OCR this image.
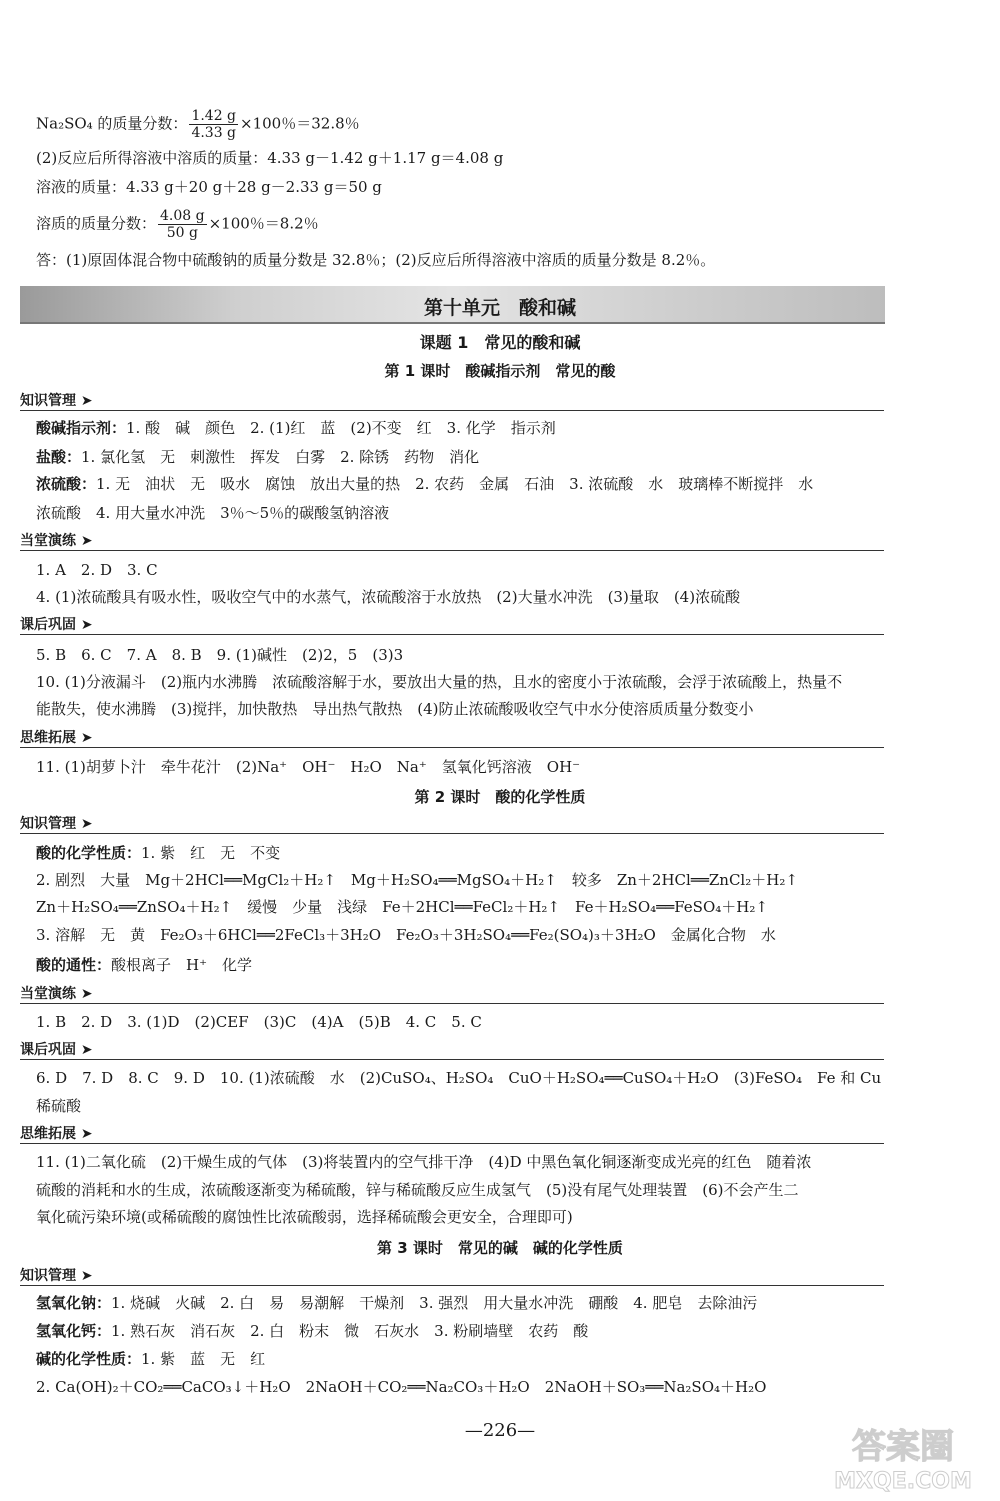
Na₂SO₄ 的质量分数： $\frac{1.42 g}{4.33 g} \times 100$％＝32.8％
(2)反应后所得溶液中溶质的质量：4.33 g－1.42 g＋1.17 g＝4.08 g
溶液的质量：4.33 g＋20 g＋28 g－2.33 g＝50 g
溶质的质量分数： $\frac{4.08 g}{50 g} \times 100$％＝8.2％
答：(1)原固体混合物中硫酸钠的质量分数是 32.8％；(2)反应后所得溶液中溶质的质量分数是 8.2％。
第十单元　酸和碱
课题 1　常见的酸和碱
第 1 课时　酸碱指示剂　常见的酸
知识管理 ➤
酸碱指示剂：1. 酸　碱　颜色　2. (1)红　蓝　(2)不变　红　3. 化学　指示剂
盐酸：1. 氯化氢　无　刺激性　挥发　白雾　2. 除锈　药物　消化
浓硫酸：1. 无　油状　无　吸水　腐蚀　放出大量的热　2. 农药　金属　石油　3. 浓硫酸　水　玻璃棒不断搅拌　水
浓硫酸　4. 用大量水冲洗　3％～5％的碳酸氢钠溶液
当堂演练 ➤
1. A　2. D　3. C
4. (1)浓硫酸具有吸水性，吸收空气中的水蒸气，浓硫酸溶于水放热　(2)大量水冲洗　(3)量取　(4)浓硫酸
课后巩固 ➤
5. B　6. C　7. A　8. B　9. (1)碱性　(2)2，5　(3)3
10. (1)分液漏斗　(2)瓶内水沸腾　浓硫酸溶解于水，要放出大量的热，且水的密度小于浓硫酸，会浮于浓硫酸上，热量不
能散失，使水沸腾　(3)搅拌，加快散热　导出热气散热　(4)防止浓硫酸吸收空气中水分使溶质质量分数变小
思维拓展 ➤
11. (1)胡萝卜汁　牵牛花汁　(2)Na⁺　OH⁻　H₂O　Na⁺　氢氧化钙溶液　OH⁻
第 2 课时　酸的化学性质
知识管理 ➤
酸的化学性质：1. 紫　红　无　不变
2. 剧烈　大量　Mg＋2HCl══MgCl₂＋H₂↑　Mg＋H₂SO₄══MgSO₄＋H₂↑　较多　Zn＋2HCl══ZnCl₂＋H₂↑
Zn＋H₂SO₄══ZnSO₄＋H₂↑　缓慢　少量　浅绿　Fe＋2HCl══FeCl₂＋H₂↑　Fe＋H₂SO₄══FeSO₄＋H₂↑
3. 溶解　无　黄　Fe₂O₃＋6HCl══2FeCl₃＋3H₂O　Fe₂O₃＋3H₂SO₄══Fe₂(SO₄)₃＋3H₂O　金属化合物　水
酸的通性：酸根离子　H⁺　化学
当堂演练 ➤
1. B　2. D　3. (1)D　(2)CEF　(3)C　(4)A　(5)B　4. C　5. C
课后巩固 ➤
6. D　7. D　8. C　9. D　10. (1)浓硫酸　水　(2)CuSO₄、H₂SO₄　CuO＋H₂SO₄══CuSO₄＋H₂O　(3)FeSO₄　Fe 和 Cu
稀硫酸
思维拓展 ➤
11. (1)二氧化硫　(2)干燥生成的气体　(3)将装置内的空气排干净　(4)D 中黑色氧化铜逐渐变成光亮的红色　随着浓
硫酸的消耗和水的生成，浓硫酸逐渐变为稀硫酸，锌与稀硫酸反应生成氢气　(5)没有尾气处理装置　(6)不会产生二
氧化硫污染环境(或稀硫酸的腐蚀性比浓硫酸弱，选择稀硫酸会更安全，合理即可)
第 3 课时　常见的碱　碱的化学性质
知识管理 ➤
氢氧化钠：1. 烧碱　火碱　2. 白　易　易潮解　干燥剂　3. 强烈　用大量水冲洗　硼酸　4. 肥皂　去除油污
氢氧化钙：1. 熟石灰　消石灰　2. 白　粉末　微　石灰水　3. 粉刷墙壁　农药　酸
碱的化学性质：1. 紫　蓝　无　红
2. Ca(OH)₂＋CO₂══CaCO₃↓＋H₂O　2NaOH＋CO₂══Na₂CO₃＋H₂O　2NaOH＋SO₃══Na₂SO₄＋H₂O
—226—	答案圈
MXQE.COM
